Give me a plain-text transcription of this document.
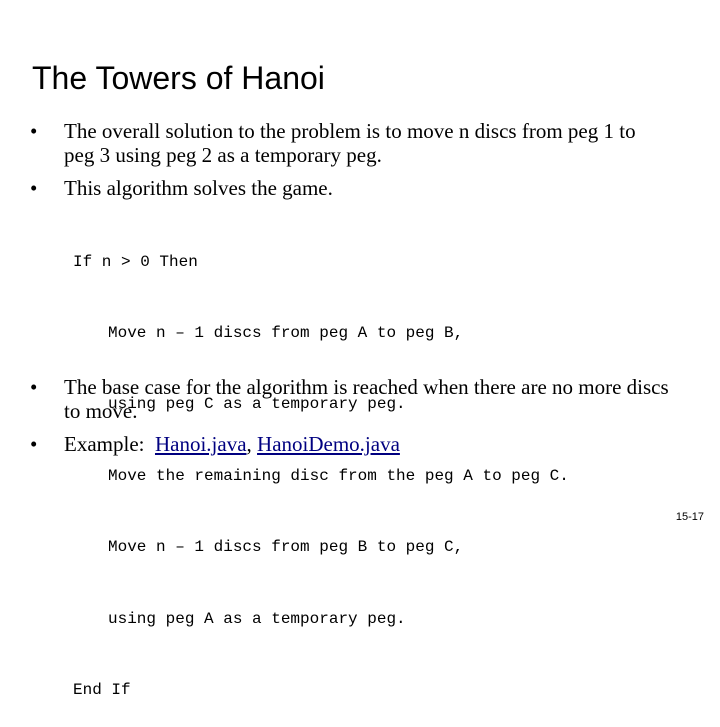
The Towers of Hanoi
• The overall solution to the problem is to move n discs from peg 1 to peg 3 using peg 2 as a temporary peg.
• This algorithm solves the game.

If n > 0 Then

Move n – 1 discs from peg A to peg B,

using peg C as a temporary peg.

Move the remaining disc from the peg A to peg C.

Move n – 1 discs from peg B to peg C,

using peg A as a temporary peg.

End If

• The base case for the algorithm is reached when there are no more discs to move.
• Example:  Hanoi.java, HanoiDemo.java
15-17
